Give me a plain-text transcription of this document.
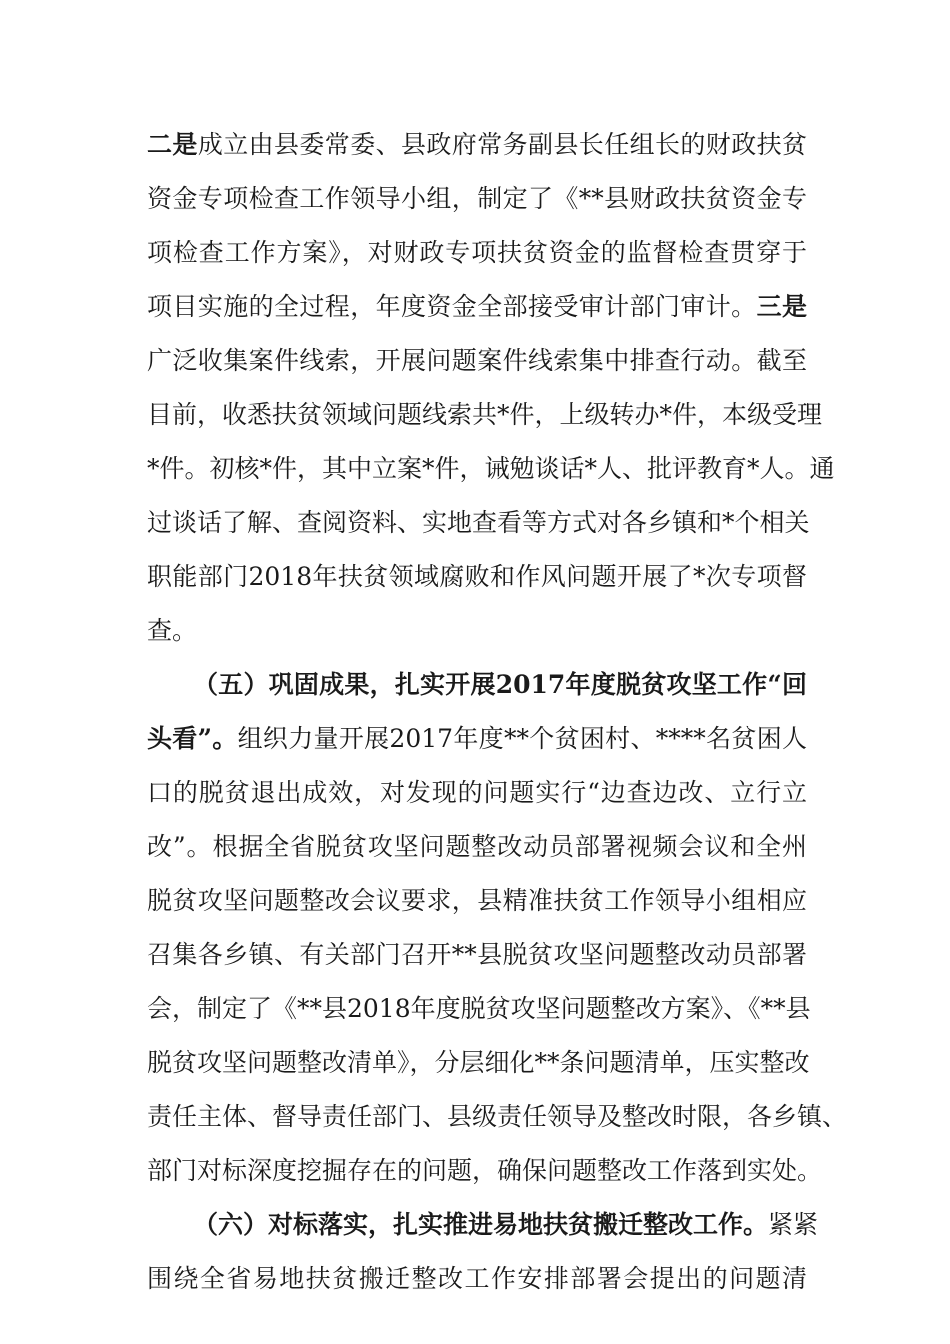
二是成立由县委常委、县政府常务副县长任组长的财政扶贫
资金专项检查工作领导小组，制定了《**县财政扶贫资金专
项检查工作方案》，对财政专项扶贫资金的监督检查贯穿于
项目实施的全过程，年度资金全部接受审计部门审计。三是
广泛收集案件线索，开展问题案件线索集中排查行动。截至
目前，收悉扶贫领域问题线索共*件，上级转办*件，本级受理
*件。初核*件，其中立案*件，诫勉谈话*人、批评教育*人。通
过谈话了解、查阅资料、实地查看等方式对各乡镇和*个相关
职能部门2018年扶贫领域腐败和作风问题开展了*次专项督
查。
（五）巩固成果，扎实开展2017年度脱贫攻坚工作“回
头看”。组织力量开展2017年度**个贫困村、****名贫困人
口的脱贫退出成效，对发现的问题实行“边查边改、立行立
改”。根据全省脱贫攻坚问题整改动员部署视频会议和全州
脱贫攻坚问题整改会议要求，县精准扶贫工作领导小组相应
召集各乡镇、有关部门召开**县脱贫攻坚问题整改动员部署
会，制定了《**县2018年度脱贫攻坚问题整改方案》、《**县
脱贫攻坚问题整改清单》，分层细化**条问题清单，压实整改
责任主体、督导责任部门、县级责任领导及整改时限，各乡镇、
部门对标深度挖掘存在的问题，确保问题整改工作落到实处。
（六）对标落实，扎实推进易地扶贫搬迁整改工作。紧紧
围绕全省易地扶贫搬迁整改工作安排部署会提出的问题清
